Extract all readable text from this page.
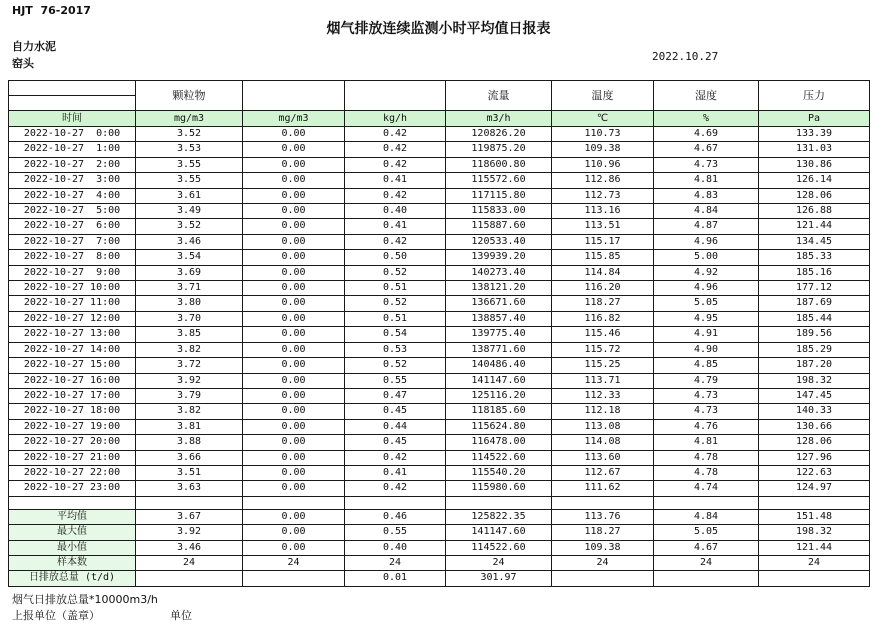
HJT  76-2017
烟气排放连续监测小时平均值日报表
自力水泥
窑头
2022.10.27
	颗粒物			流量	温度	湿度	压力

时间	mg/m3	mg/m3	kg/h	m3/h	℃	%	Pa
2022-10-27  0:00	3.52	0.00	0.42	120826.20	110.73	4.69	133.39
2022-10-27  1:00	3.53	0.00	0.42	119875.20	109.38	4.67	131.03
2022-10-27  2:00	3.55	0.00	0.42	118600.80	110.96	4.73	130.86
2022-10-27  3:00	3.55	0.00	0.41	115572.60	112.86	4.81	126.14
2022-10-27  4:00	3.61	0.00	0.42	117115.80	112.73	4.83	128.06
2022-10-27  5:00	3.49	0.00	0.40	115833.00	113.16	4.84	126.88
2022-10-27  6:00	3.52	0.00	0.41	115887.60	113.51	4.87	121.44
2022-10-27  7:00	3.46	0.00	0.42	120533.40	115.17	4.96	134.45
2022-10-27  8:00	3.54	0.00	0.50	139939.20	115.85	5.00	185.33
2022-10-27  9:00	3.69	0.00	0.52	140273.40	114.84	4.92	185.16
2022-10-27 10:00	3.71	0.00	0.51	138121.20	116.20	4.96	177.12
2022-10-27 11:00	3.80	0.00	0.52	136671.60	118.27	5.05	187.69
2022-10-27 12:00	3.70	0.00	0.51	138857.40	116.82	4.95	185.44
2022-10-27 13:00	3.85	0.00	0.54	139775.40	115.46	4.91	189.56
2022-10-27 14:00	3.82	0.00	0.53	138771.60	115.72	4.90	185.29
2022-10-27 15:00	3.72	0.00	0.52	140486.40	115.25	4.85	187.20
2022-10-27 16:00	3.92	0.00	0.55	141147.60	113.71	4.79	198.32
2022-10-27 17:00	3.79	0.00	0.47	125116.20	112.33	4.73	147.45
2022-10-27 18:00	3.82	0.00	0.45	118185.60	112.18	4.73	140.33
2022-10-27 19:00	3.81	0.00	0.44	115624.80	113.08	4.76	130.66
2022-10-27 20:00	3.88	0.00	0.45	116478.00	114.08	4.81	128.06
2022-10-27 21:00	3.66	0.00	0.42	114522.60	113.60	4.78	127.96
2022-10-27 22:00	3.51	0.00	0.41	115540.20	112.67	4.78	122.63
2022-10-27 23:00	3.63	0.00	0.42	115980.60	111.62	4.74	124.97

平均值	3.67	0.00	0.46	125822.35	113.76	4.84	151.48
最大值	3.92	0.00	0.55	141147.60	118.27	5.05	198.32
最小值	3.46	0.00	0.40	114522.60	109.38	4.67	121.44
样本数	24	24	24	24	24	24	24
日排放总量 (t/d)			0.01	301.97			
烟气日排放总量*10000m3/h
上报单位（盖章）	单位
